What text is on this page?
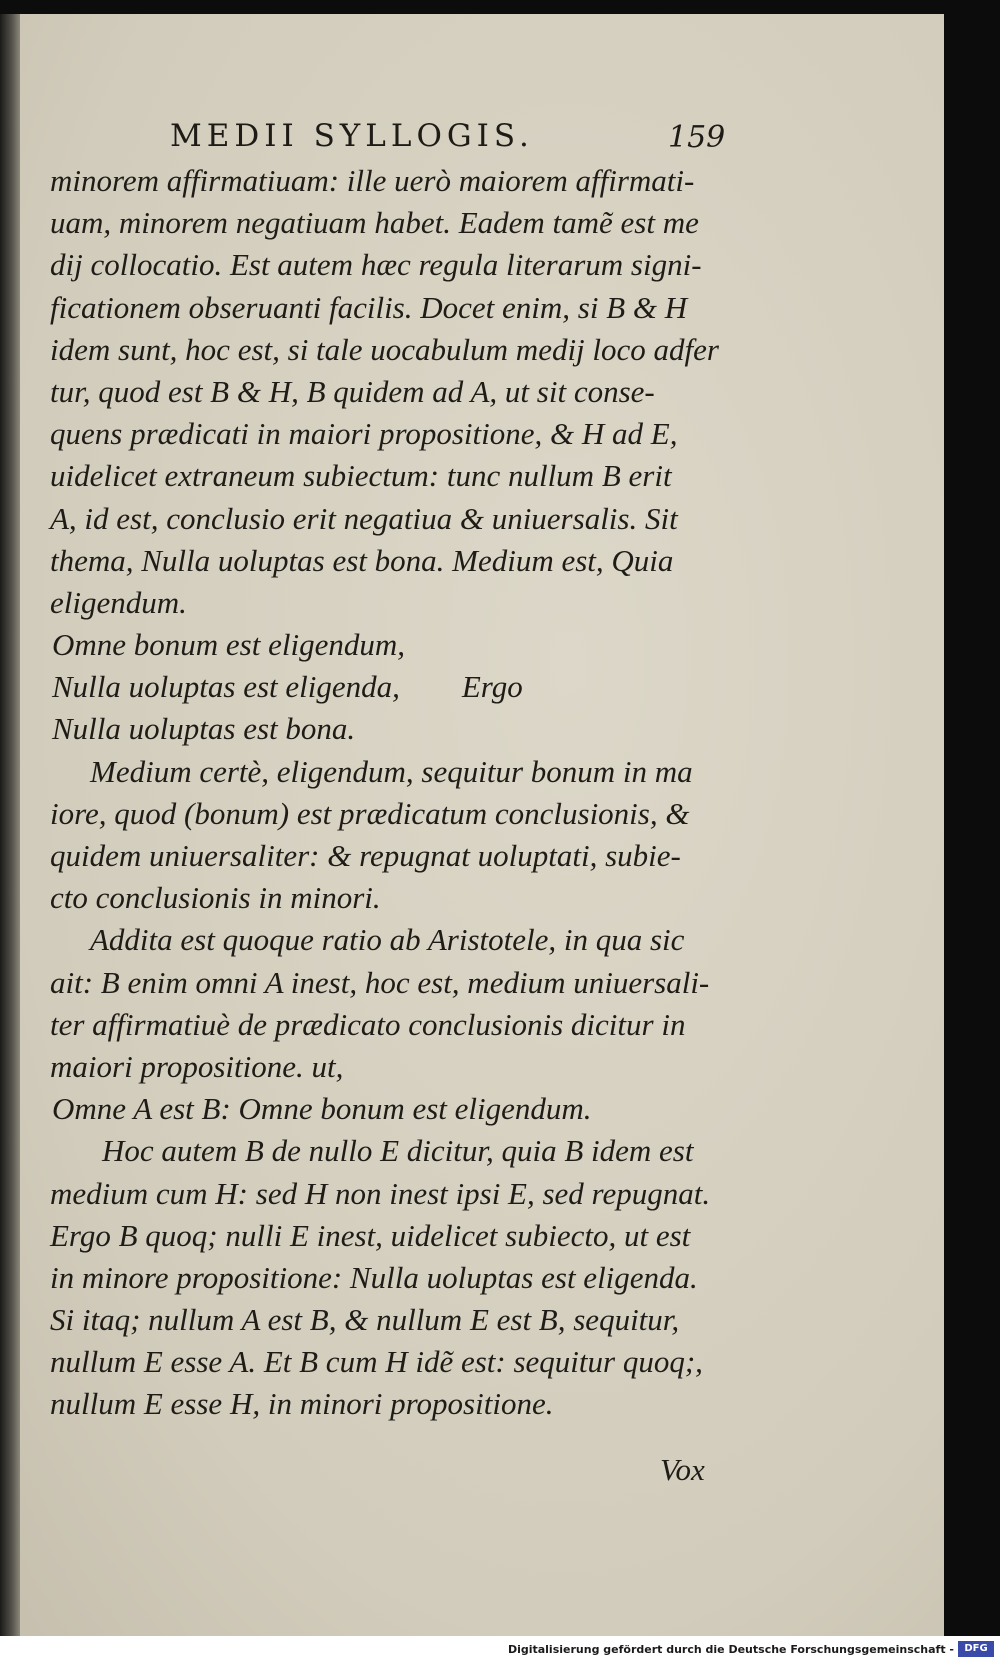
MEDII SYLLOGIS.	159
minorem affirmatiuam: ille uerò maiorem affirmati-
uam, minorem negatiuam habet. Eadem tamẽ est me
dij collocatio. Est autem hæc regula literarum signi-
ficationem obseruanti facilis. Docet enim, si B & H
idem sunt, hoc est, si tale uocabulum medij loco adfer
tur, quod est B & H, B quidem ad A, ut sit conse-
quens prædicati in maiori propositione, & H ad E,
uidelicet extraneum subiectum: tunc nullum B erit
A, id est, conclusio erit negatiua & uniuersalis. Sit
thema, Nulla uoluptas est bona. Medium est, Quia
eligendum.
Omne bonum est eligendum,
Nulla uoluptas est eligenda,        Ergo
Nulla uoluptas est bona.
Medium certè, eligendum, sequitur bonum in ma
iore, quod (bonum) est prædicatum conclusionis, &
quidem uniuersaliter: & repugnat uoluptati, subie-
cto conclusionis in minori.
Addita est quoque ratio ab Aristotele, in qua sic
ait: B enim omni A inest, hoc est, medium uniuersali-
ter affirmatiuè de prædicato conclusionis dicitur in
maiori propositione. ut,
Omne A est B: Omne bonum est eligendum.
Hoc autem B de nullo E dicitur, quia B idem est
medium cum H: sed H non inest ipsi E, sed repugnat.
Ergo B quoq; nulli E inest, uidelicet subiecto, ut est
in minore propositione: Nulla uoluptas est eligenda.
Si itaq; nullum A est B, & nullum E est B, sequitur,
nullum E esse A. Et B cum H idẽ est: sequitur quoq;,
nullum E esse H, in minori propositione.
Vox
Digitalisierung gefördert durch die Deutsche Forschungsgemeinschaft -	DFG
